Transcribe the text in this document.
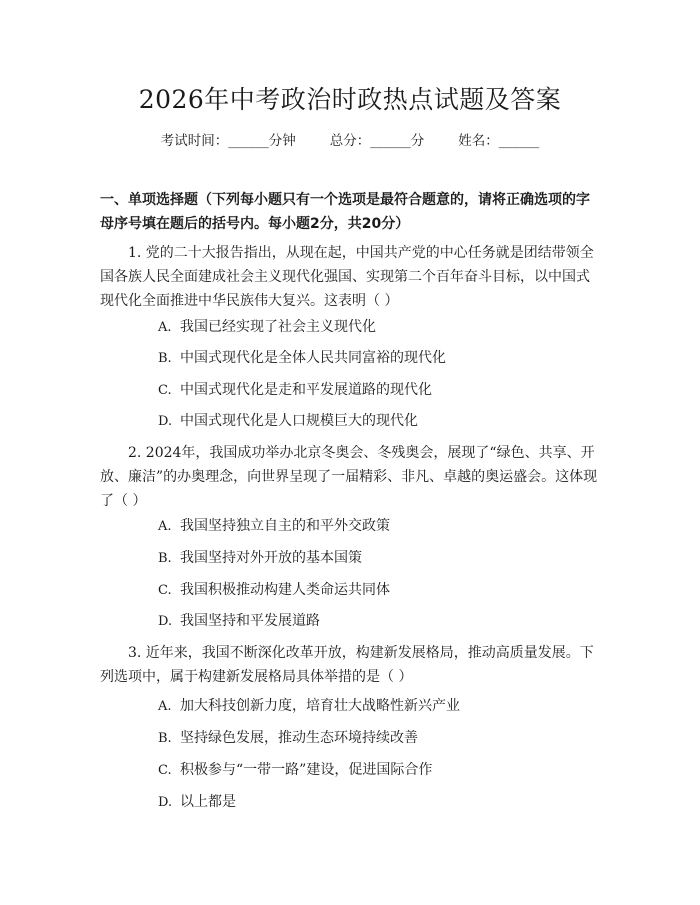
2026年中考政治时政热点试题及答案
考试时间：______分钟	总分：______分	姓名：______
一、单项选择题（下列每小题只有一个选项是最符合题意的，请将正确选项的字母序号填在题后的括号内。每小题2分，共20分）
1. 党的二十大报告指出，从现在起，中国共产党的中心任务就是团结带领全国各族人民全面建成社会主义现代化强国、实现第二个百年奋斗目标，以中国式现代化全面推进中华民族伟大复兴。这表明（ ）
A. 我国已经实现了社会主义现代化
B. 中国式现代化是全体人民共同富裕的现代化
C. 中国式现代化是走和平发展道路的现代化
D. 中国式现代化是人口规模巨大的现代化
2. 2024年，我国成功举办北京冬奥会、冬残奥会，展现了“绿色、共享、开放、廉洁”的办奥理念，向世界呈现了一届精彩、非凡、卓越的奥运盛会。这体现了（ ）
A. 我国坚持独立自主的和平外交政策
B. 我国坚持对外开放的基本国策
C. 我国积极推动构建人类命运共同体
D. 我国坚持和平发展道路
3. 近年来，我国不断深化改革开放，构建新发展格局，推动高质量发展。下列选项中，属于构建新发展格局具体举措的是（ ）
A. 加大科技创新力度，培育壮大战略性新兴产业
B. 坚持绿色发展，推动生态环境持续改善
C. 积极参与“一带一路”建设，促进国际合作
D. 以上都是
